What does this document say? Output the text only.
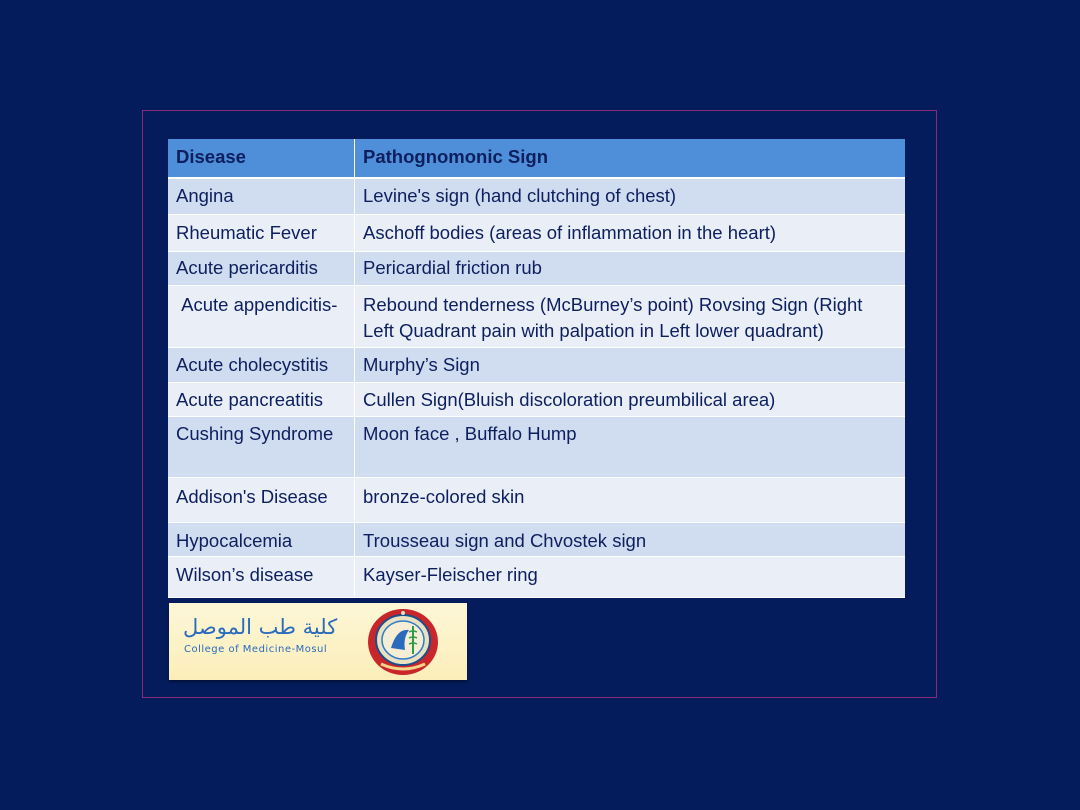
Disease	Pathognomonic Sign
Angina	Levine's sign (hand clutching of chest)
Rheumatic Fever	Aschoff bodies (areas of inflammation in the heart)
Acute pericarditis	Pericardial friction rub
Acute appendicitis-	Rebound tenderness (McBurney’s point) Rovsing Sign (Right Left Quadrant pain with palpation in Left lower quadrant)
Acute cholecystitis	Murphy’s Sign
Acute pancreatitis	Cullen Sign(Bluish discoloration preumbilical area)
Cushing Syndrome	Moon face , Buffalo Hump
Addison's Disease	bronze-colored skin
Hypocalcemia	Trousseau sign and Chvostek sign
Wilson’s disease	Kayser-Fleischer ring
كلية طب الموصل
College of Medicine-Mosul
